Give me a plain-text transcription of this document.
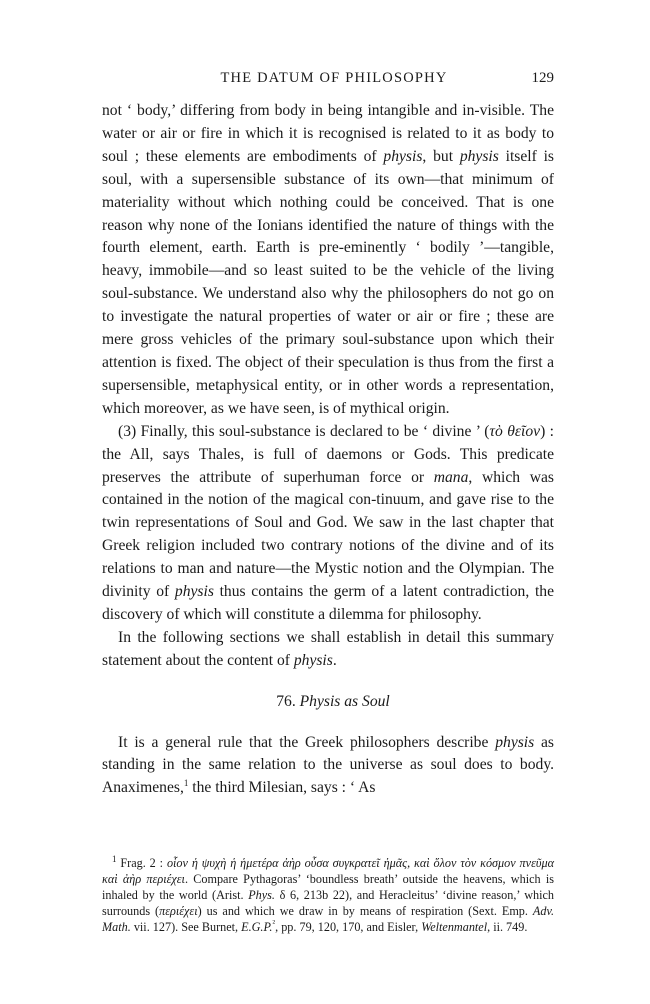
THE DATUM OF PHILOSOPHY	129

not ‘ body,’ differing from body in being intangible and in-visible. The water or air or fire in which it is recognised is related to it as body to soul ; these elements are embodiments of physis, but physis itself is soul, with a supersensible substance of its own—that minimum of materiality without which nothing could be conceived. That is one reason why none of the Ionians identified the nature of things with the fourth element, earth. Earth is pre-eminently ‘ bodily ’—tangible, heavy, immobile—and so least suited to be the vehicle of the living soul-substance. We understand also why the philosophers do not go on to investigate the natural properties of water or air or fire ; these are mere gross vehicles of the primary soul-substance upon which their attention is fixed. The object of their speculation is thus from the first a supersensible, metaphysical entity, or in other words a representation, which moreover, as we have seen, is of mythical origin.

(3) Finally, this soul-substance is declared to be ‘ divine ’ (τὸ θεῖον) : the All, says Thales, is full of daemons or Gods. This predicate preserves the attribute of superhuman force or mana, which was contained in the notion of the magical con-tinuum, and gave rise to the twin representations of Soul and God. We saw in the last chapter that Greek religion included two contrary notions of the divine and of its relations to man and nature—the Mystic notion and the Olympian. The divinity of physis thus contains the germ of a latent contradiction, the discovery of which will constitute a dilemma for philosophy.

In the following sections we shall establish in detail this summary statement about the content of physis.

76. Physis as Soul

It is a general rule that the Greek philosophers describe physis as standing in the same relation to the universe as soul does to body. Anaximenes,$^1$ the third Milesian, says : ‘ As

$^1$ Frag. 2 : οἷον ἡ ψυχὴ ἡ ἡμετέρα ἀὴρ οὖσα συγκρατεῖ ἡμᾶς, καὶ ὅλον τὸν κόσμον πνεῦμα καὶ ἀὴρ περιέχει. Compare Pythagoras’ ‘boundless breath’ outside the heavens, which is inhaled by the world (Arist. Phys. δ 6, 213b 22), and Heracleitus’ ‘divine reason,’ which surrounds (περιέχει) us and which we draw in by means of respiration (Sext. Emp. Adv. Math. vii. 127). See Burnet, E.G.P.$^{^2}$, pp. 79, 120, 170, and Eisler, Weltenmantel, ii. 749.
